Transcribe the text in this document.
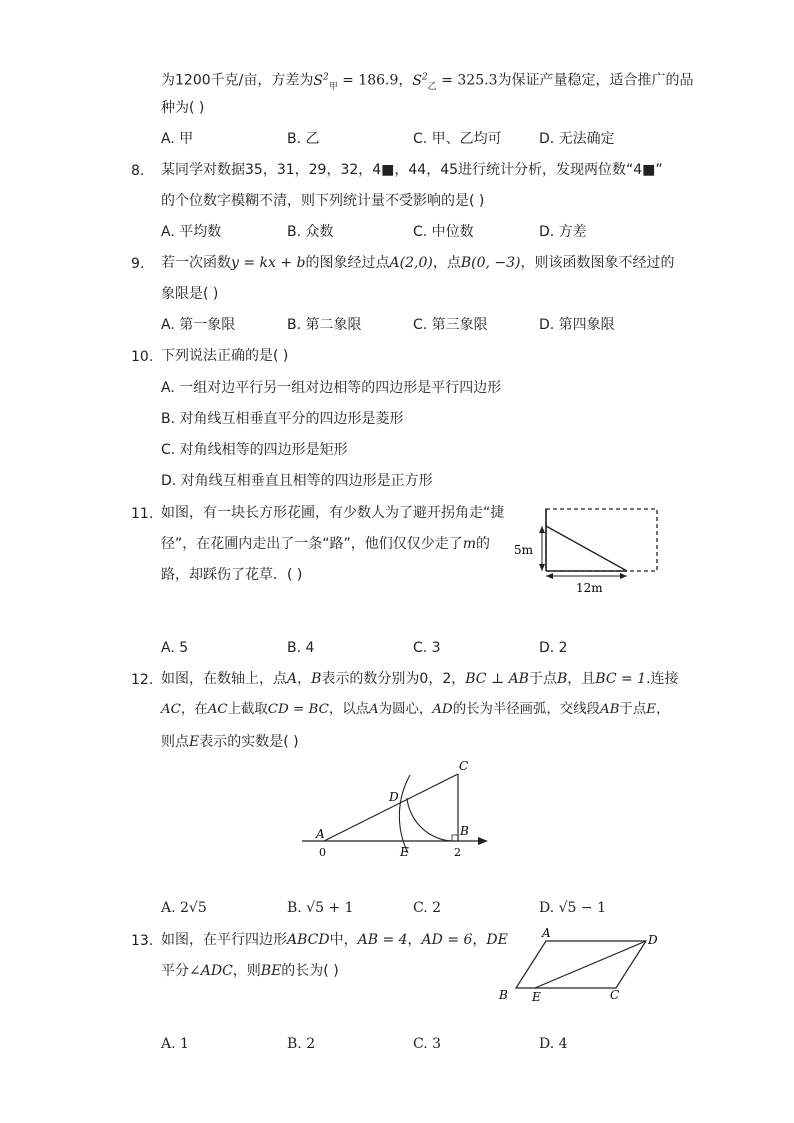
为1200千克/亩，方差为$S^2_甲 = 186.9$，$S^2_乙 = 325.3$为保证产量稳定，适合推广的品
种为( )
A. 甲	B. 乙	C. 甲、乙均可	D. 无法确定
8. 某同学对数据35，31，29，32，4■，44，45进行统计分析，发现两位数“4■”
的个位数字模糊不清，则下列统计量不受影响的是( )
A. 平均数	B. 众数	C. 中位数	D. 方差
9. 若一次函数y = kx + b的图象经过点A(2,0)，点B(0, −3)，则该函数图象不经过的
象限是( )
A. 第一象限	B. 第二象限	C. 第三象限	D. 第四象限
10. 下列说法正确的是( )
A. 一组对边平行另一组对边相等的四边形是平行四边形
B. 对角线互相垂直平分的四边形是菱形
C. 对角线相等的四边形是矩形
D. 对角线互相垂直且相等的四边形是正方形
11. 如图，有一块长方形花圃，有少数人为了避开拐角走“捷
径”，在花圃内走出了一条“路”，他们仅仅少走了m的
路，却踩伤了花草．( )
5m
12m
A. 5	B. 4	C. 3	D. 2
12. 如图，在数轴上，点A，B表示的数分别为0，2，BC ⊥ AB于点B，且BC = 1.连接
AC，在AC上截取CD = BC，以点A为圆心，AD的长为半径画弧，交线段AB于点E，
则点E表示的实数是( )
C
D
A	B
E
0	2
A. 2√5	B. √5 + 1	C. 2	D. √5 − 1
13. 如图，在平行四边形ABCD中，AB = 4，AD = 6，DE
平分∠ADC，则BE的长为( )
A	D
B E	C
A. 1	B. 2	C. 3	D. 4
